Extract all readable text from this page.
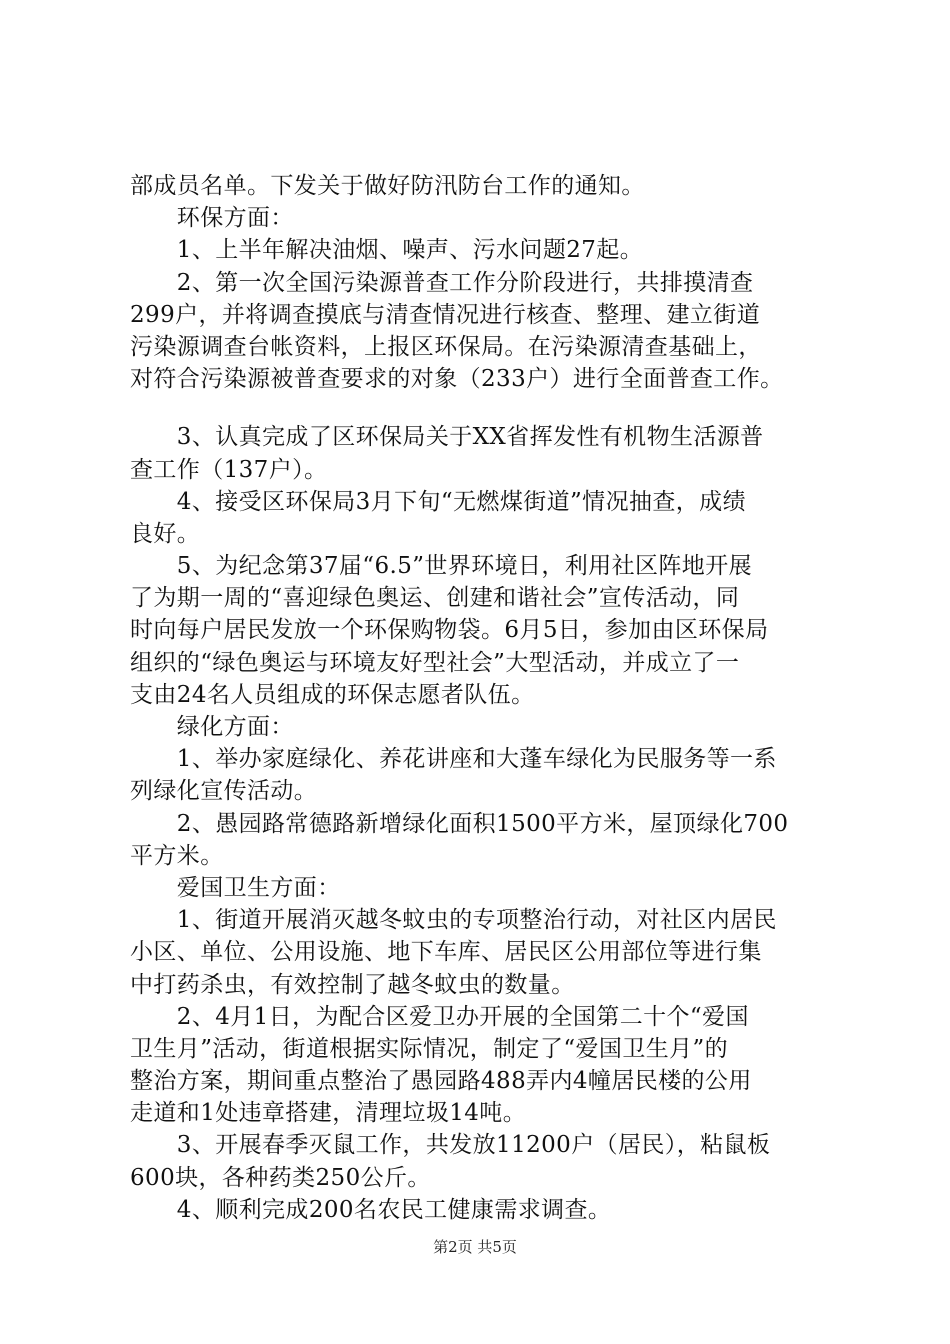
部成员名单。下发关于做好防汛防台工作的通知。
　　环保方面：
　　1、上半年解决油烟、噪声、污水问题27起。
　　2、第一次全国污染源普查工作分阶段进行，共排摸清查
299户，并将调查摸底与清查情况进行核查、整理、建立街道
污染源调查台帐资料，上报区环保局。在污染源清查基础上，
对符合污染源被普查要求的对象（233户）进行全面普查工作。
　　3、认真完成了区环保局关于XX省挥发性有机物生活源普
查工作（137户）。
　　4、接受区环保局3月下旬“无燃煤街道”情况抽查，成绩
良好。
　　5、为纪念第37届“6.5”世界环境日，利用社区阵地开展
了为期一周的“喜迎绿色奥运、创建和谐社会”宣传活动，同
时向每户居民发放一个环保购物袋。6月5日，参加由区环保局
组织的“绿色奥运与环境友好型社会”大型活动，并成立了一
支由24名人员组成的环保志愿者队伍。
　　绿化方面：
　　1、举办家庭绿化、养花讲座和大蓬车绿化为民服务等一系
列绿化宣传活动。
　　2、愚园路常德路新增绿化面积1500平方米，屋顶绿化700
平方米。
　　爱国卫生方面：
　　1、街道开展消灭越冬蚊虫的专项整治行动，对社区内居民
小区、单位、公用设施、地下车库、居民区公用部位等进行集
中打药杀虫，有效控制了越冬蚊虫的数量。
　　2、4月1日，为配合区爱卫办开展的全国第二十个“爱国
卫生月”活动，街道根据实际情况，制定了“爱国卫生月”的
整治方案，期间重点整治了愚园路488弄内4幢居民楼的公用
走道和1处违章搭建，清理垃圾14吨。
　　3、开展春季灭鼠工作，共发放11200户（居民），粘鼠板
600块，各种药类250公斤。
　　4、顺利完成200名农民工健康需求调查。
第2页 共5页
